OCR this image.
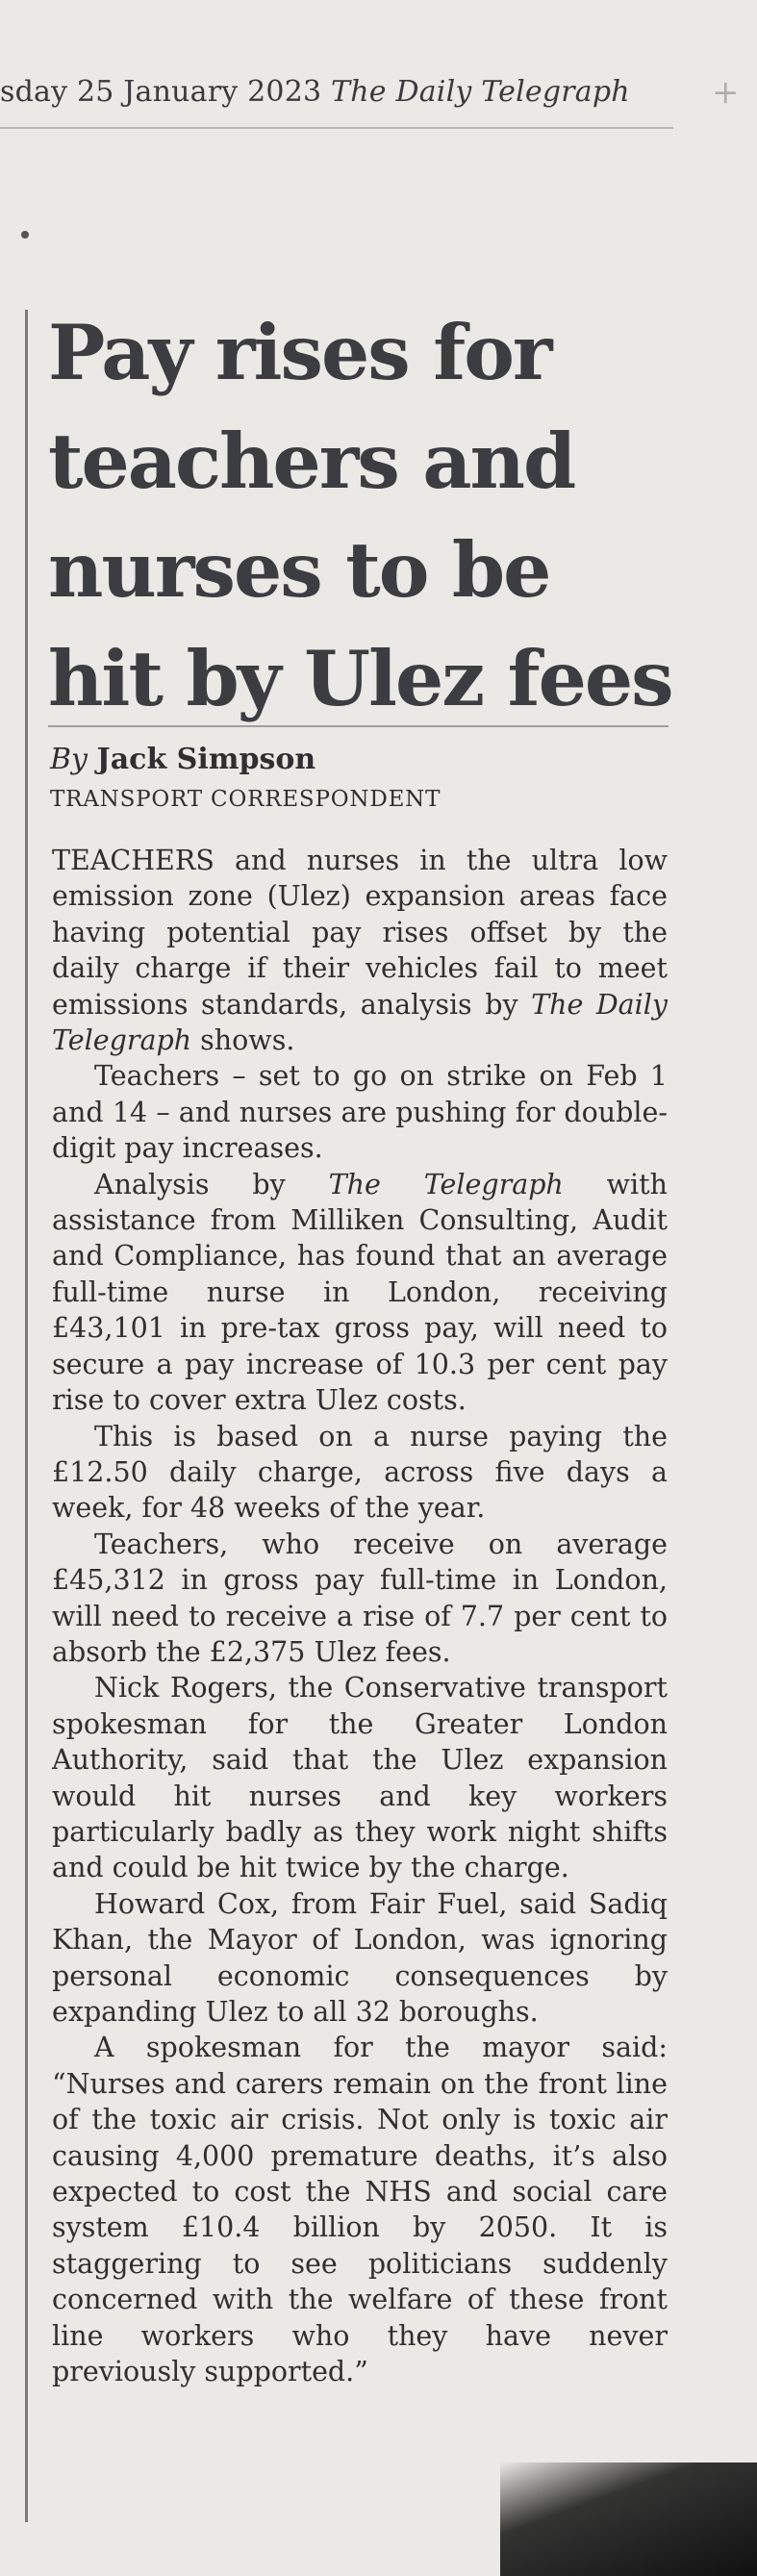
sday 25 January 2023 The Daily Telegraph	+
Pay rises for
teachers and
nurses to be
hit by Ulez fees
By Jack Simpson
TRANSPORT CORRESPONDENT

TEACHERS and nurses in the ultra low emission zone (Ulez) expansion areas face having potential pay rises offset by the daily charge if their vehicles fail to meet emissions standards, analysis by The Daily Telegraph shows.

Teachers – set to go on strike on Feb 1 and 14 – and nurses are pushing for double-digit pay increases.

Analysis by The Telegraph with assistance from Milliken Consulting, Audit and Compliance, has found that an average full-time nurse in London, receiving £43,101 in pre-tax gross pay, will need to secure a pay increase of 10.3 per cent pay rise to cover extra Ulez costs.

This is based on a nurse paying the £12.50 daily charge, across five days a week, for 48 weeks of the year.

Teachers, who receive on average £45,312 in gross pay full-time in London, will need to receive a rise of 7.7 per cent to absorb the £2,375 Ulez fees.

Nick Rogers, the Conservative transport spokesman for the Greater London Authority, said that the Ulez expansion would hit nurses and key workers particularly badly as they work night shifts and could be hit twice by the charge.

Howard Cox, from Fair Fuel, said Sadiq Khan, the Mayor of London, was ignoring personal economic consequences by expanding Ulez to all 32 boroughs.

A spokesman for the mayor said: “Nurses and carers remain on the front line of the toxic air crisis. Not only is toxic air causing 4,000 premature deaths, it’s also expected to cost the NHS and social care system £10.4 billion by 2050. It is staggering to see politicians suddenly concerned with the welfare of these front line workers who they have never previously supported.”
